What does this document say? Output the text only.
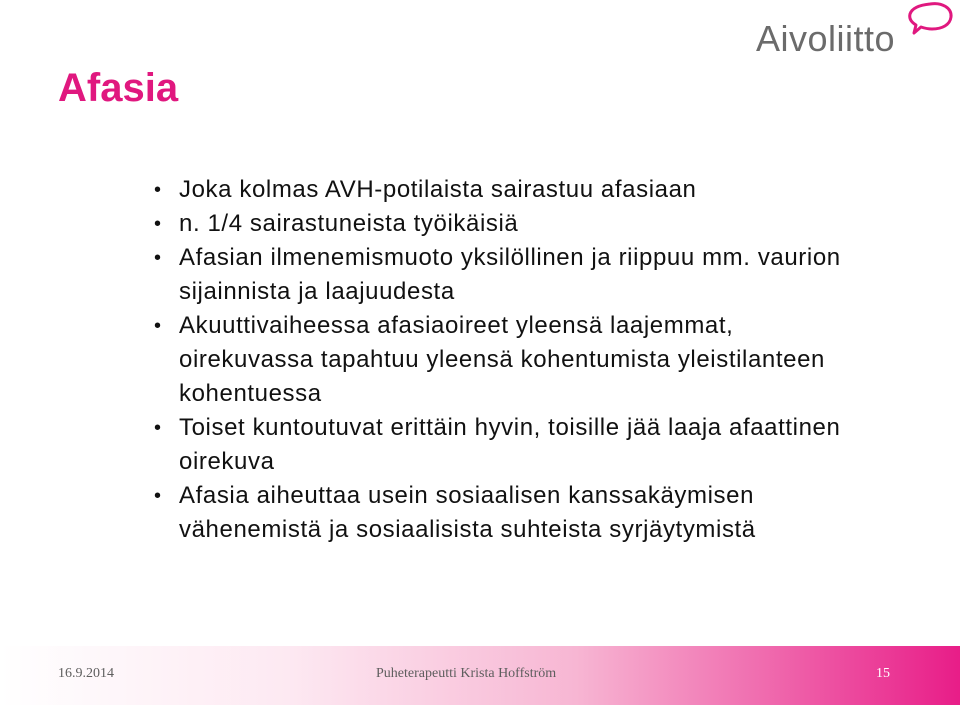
Afasia
Aivoliitto
• Joka kolmas AVH-potilaista sairastuu afasiaan
• n. 1/4 sairastuneista työikäisiä
• Afasian ilmenemismuoto yksilöllinen ja riippuu mm. vaurion sijainnista ja laajuudesta
• Akuuttivaiheessa afasiaoireet yleensä laajemmat, oirekuvassa tapahtuu yleensä kohentumista yleistilanteen kohentuessa
• Toiset kuntoutuvat erittäin hyvin, toisille jää laaja afaattinen oirekuva
• Afasia aiheuttaa usein sosiaalisen kanssakäymisen vähenemistä ja sosiaalisista suhteista syrjäytymistä
16.9.2014	Puheterapeutti Krista Hoffström	15
